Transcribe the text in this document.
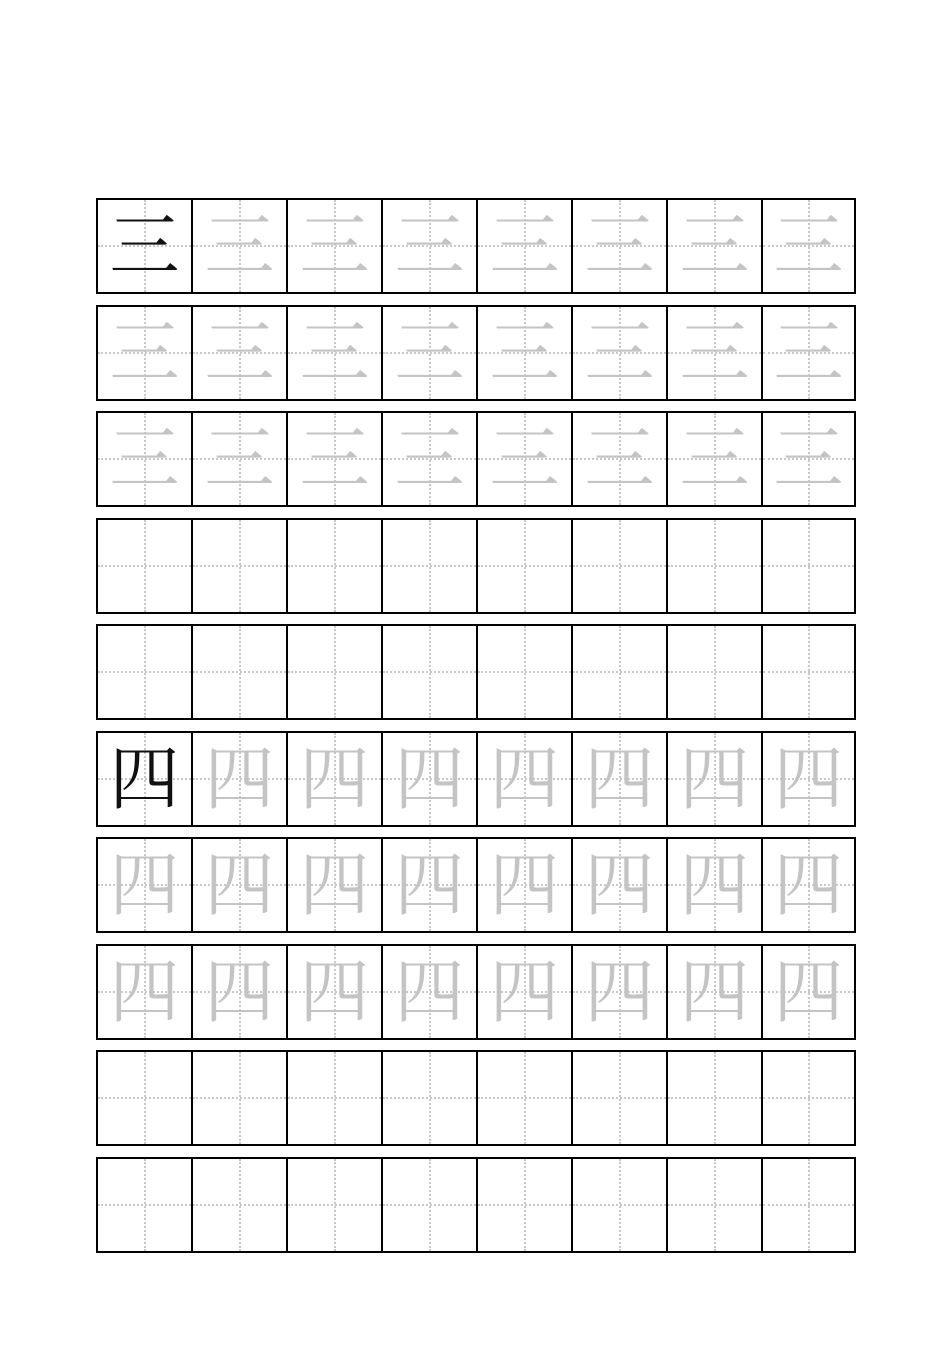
三 三 三 三 三 三 三 三
三 三 三 三 三 三 三 三
三 三 三 三 三 三 三 三
四 四 四 四 四 四 四 四
四 四 四 四 四 四 四 四
四 四 四 四 四 四 四 四
